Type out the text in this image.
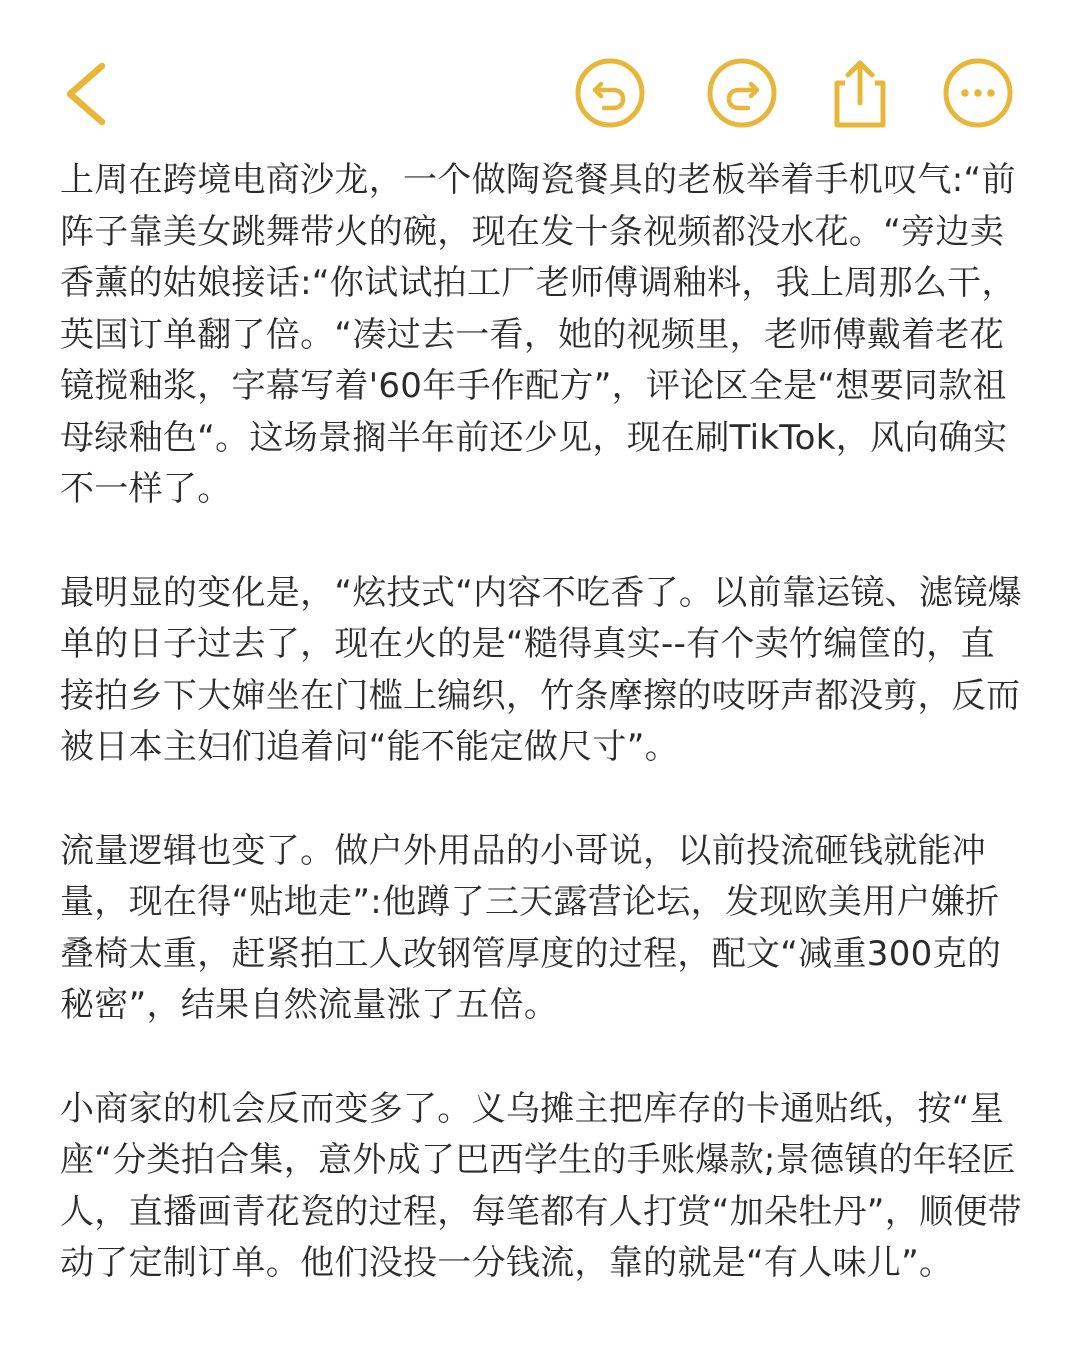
上周在跨境电商沙龙，一个做陶瓷餐具的老板举着手机叹气:“前阵子靠美女跳舞带火的碗，现在发十条视频都没水花。“旁边卖香薰的姑娘接话:“你试试拍工厂老师傅调釉料，我上周那么干，英国订单翻了倍。“凑过去一看，她的视频里，老师傅戴着老花镜搅釉浆，字幕写着'60年手作配方”，评论区全是“想要同款祖母绿釉色“。这场景搁半年前还少见，现在刷TikTok，风向确实不一样了。

最明显的变化是，“炫技式“内容不吃香了。以前靠运镜、滤镜爆单的日子过去了，现在火的是“糙得真实--有个卖竹编筐的，直接拍乡下大婶坐在门槛上编织，竹条摩擦的吱呀声都没剪，反而被日本主妇们追着问“能不能定做尺寸”。

流量逻辑也变了。做户外用品的小哥说，以前投流砸钱就能冲量，现在得“贴地走”:他蹲了三天露营论坛，发现欧美用户嫌折叠椅太重，赶紧拍工人改钢管厚度的过程，配文“减重300克的秘密”，结果自然流量涨了五倍。

小商家的机会反而变多了。义乌摊主把库存的卡通贴纸，按“星座“分类拍合集，意外成了巴西学生的手账爆款;景德镇的年轻匠人，直播画青花瓷的过程，每笔都有人打赏“加朵牡丹”，顺便带动了定制订单。他们没投一分钱流，靠的就是“有人味儿”。
